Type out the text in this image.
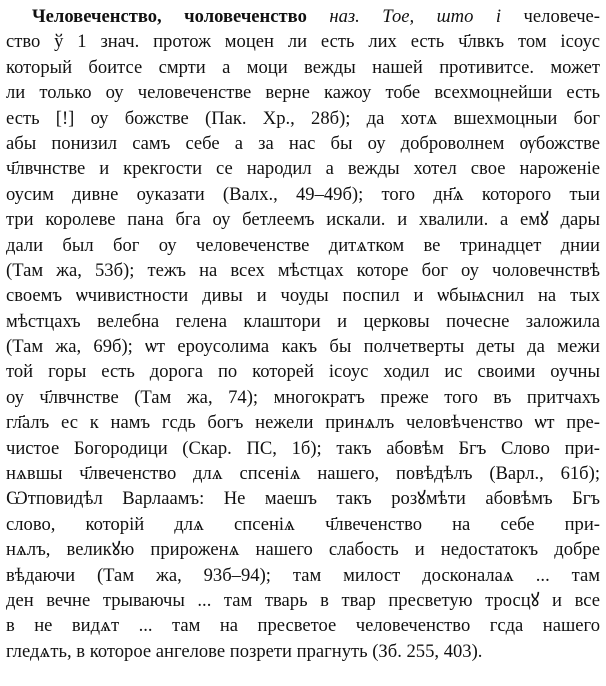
Человеченство, чоловеченство наз. Тое, што і человече-
ство ў 1 знач. протож моцен ли есть лих есть ч҃лвкъ том ісоус
который боитсе смрти а моци вежды нашей противитсе. может
ли только оу человеченстве верне кажоу тобе всехмоцнейши есть
есть [!] оу божстве (Пак. Хр., 28б); да хотѧ вшехмоцныи бог
абы понизил самъ себе а за нас бы оу доброволнем ѹбожстве
ч҃лвчнстве и крекгости се народил а вежды хотел свое нароженіе
оусим дивне оуказати (Валх., 49–49б); того дн҃ѧ которого тыи
три королеве пана бга оу бетлеемъ искали. и хвалили. а емꙋ дары
дали был бог оу человеченстве дитѧтком ве тринадцет днии
(Там жа, 53б); тежъ на всех мѣстцах которе бог оу чоловечнствѣ
своемъ ѡчивистности дивы и чоуды поспил и ѡбыѩснил на тых
мѣстцахъ велебна гелена клаштори и церковы почесне заложила
(Там жа, 69б); ѡт ероусолима какъ бы полчетверты деты да межи
той горы есть дорога по которей ісоус ходил ис своими оучны
оу ч҃лвчнстве (Там жа, 74); многократъ преже того въ притчахъ
гл҃алъ ес к намъ гсдь богъ нежели принѧлъ человѣченство ѡт пре-
чистое Богородици (Скар. ПС, 1б); такъ абовѣм Бгъ Слово при-
нѧвшы ч҃лвеченство длѧ спсеніѧ нашего, повѣдѣлъ (Варл., 61б);
Ѡтповидѣл Варлаамъ: Не маешъ такъ розꙋмѣти абовѣмъ Бгъ
слово, которій длѧ спсеніѧ ч҃лвеченство на себе при-
нѧлъ, великꙋю прироженѧ нашего слабость и недостатокъ добре
вѣдаючи (Там жа, 93б–94); там милост досконалаѧ ... там
ден вечне трываючы ... там тварь в твар пресветую тросцꙋ и все
в не видѧт ... там на пресветое человеченство гсда нашего
гледѧть, в которое ангелове позрети прагнуть (Зб. 255, 403).
